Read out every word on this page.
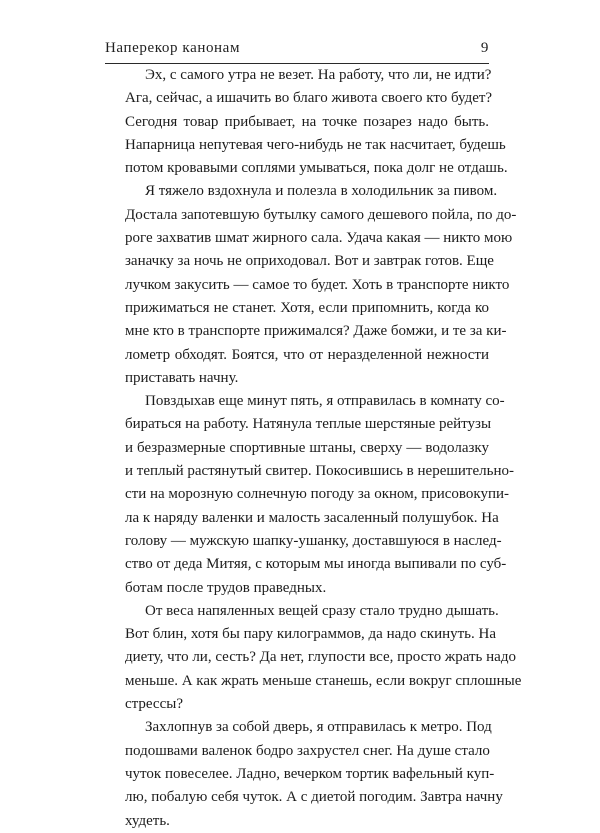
Наперекор канонам	9

Эх, с самого утра не везет. На работу, что ли, не идти?
Ага, сейчас, а ишачить во благо живота своего кто будет?
Сегодня товар прибывает, на точке позарез надо быть.
Напарница непутевая чего-нибудь не так насчитает, будешь
потом кровавыми соплями умываться, пока долг не отдашь.

Я тяжело вздохнула и полезла в холодильник за пивом.
Достала запотевшую бутылку самого дешевого пойла, по до-
роге захватив шмат жирного сала. Удача какая — никто мою
заначку за ночь не оприходовал. Вот и завтрак готов. Еще
лучком закусить — самое то будет. Хоть в транспорте никто
прижиматься не станет. Хотя, если припомнить, когда ко
мне кто в транспорте прижимался? Даже бомжи, и те за ки-
лометр обходят. Боятся, что от неразделенной нежности
приставать начну.

Повздыхав еще минут пять, я отправилась в комнату со-
бираться на работу. Натянула теплые шерстяные рейтузы
и безразмерные спортивные штаны, сверху — водолазку
и теплый растянутый свитер. Покосившись в нерешительно-
сти на морозную солнечную погоду за окном, присовокупи-
ла к наряду валенки и малость засаленный полушубок. На
голову — мужскую шапку-ушанку, доставшуюся в наслед-
ство от деда Митяя, с которым мы иногда выпивали по суб-
ботам после трудов праведных.

От веса напяленных вещей сразу стало трудно дышать.
Вот блин, хотя бы пару килограммов, да надо скинуть. На
диету, что ли, сесть? Да нет, глупости все, просто жрать надо
меньше. А как жрать меньше станешь, если вокруг сплошные
стрессы?

Захлопнув за собой дверь, я отправилась к метро. Под
подошвами валенок бодро захрустел снег. На душе стало
чуток повеселее. Ладно, вечерком тортик вафельный куп-
лю, побалую себя чуток. А с диетой погодим. Завтра начну
худеть.
